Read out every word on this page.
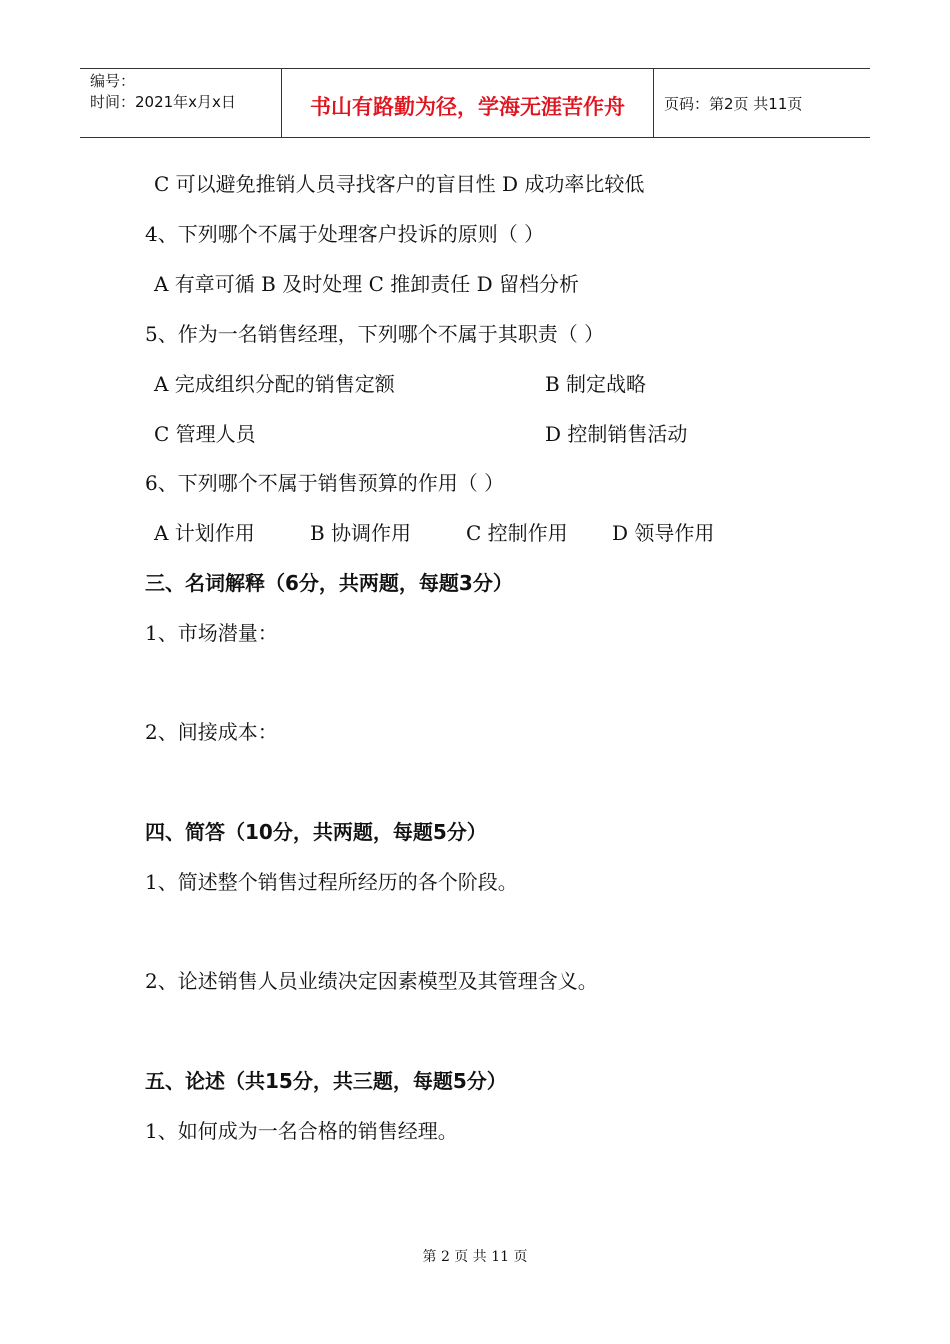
编号：
时间：2021年x月x日	书山有路勤为径，学海无涯苦作舟	页码：第2页 共11页
C 可以避免推销人员寻找客户的盲目性 D 成功率比较低
4、下列哪个不属于处理客户投诉的原则（ ）
A 有章可循 B 及时处理 C 推卸责任 D 留档分析
5、作为一名销售经理，下列哪个不属于其职责（ ）
A 完成组织分配的销售定额	B 制定战略
C 管理人员	D 控制销售活动
6、下列哪个不属于销售预算的作用（ ）
A 计划作用	B 协调作用	C 控制作用 D 领导作用
三、名词解释（6分，共两题，每题3分）
1、市场潜量：
2、间接成本：
四、简答（10分，共两题，每题5分）
1、简述整个销售过程所经历的各个阶段。
2、论述销售人员业绩决定因素模型及其管理含义。
五、论述（共15分，共三题，每题5分）
1、如何成为一名合格的销售经理。
第 2 页 共 11 页
